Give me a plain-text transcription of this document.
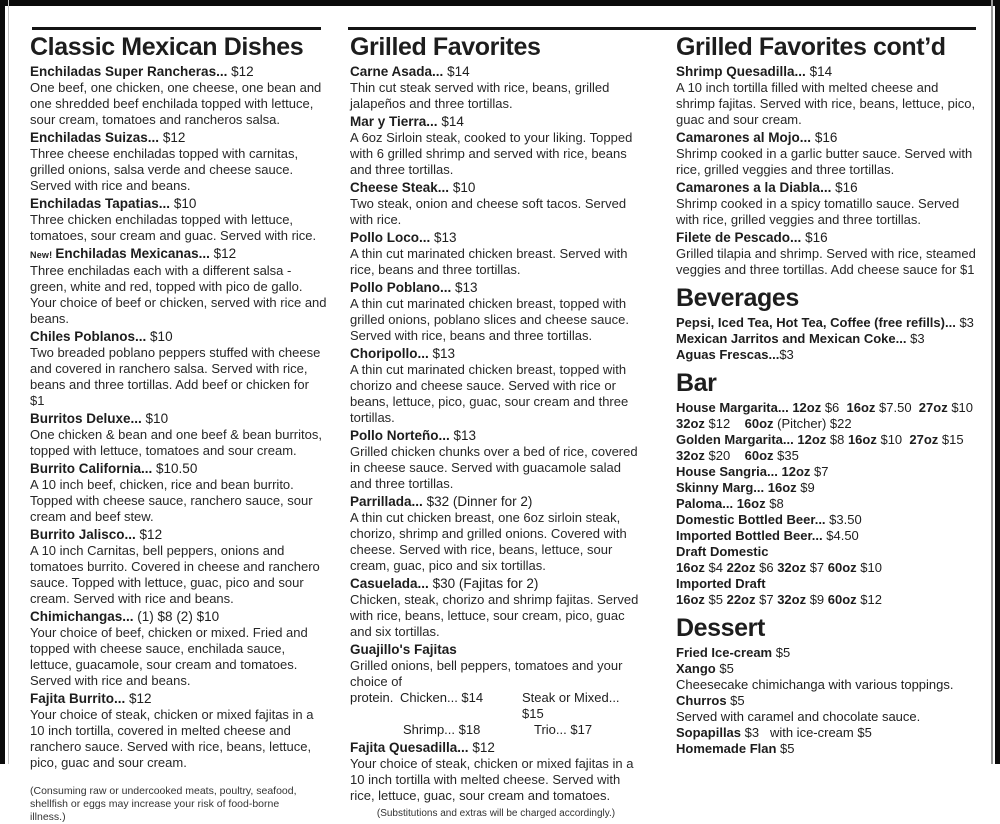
Classic Mexican Dishes
Enchiladas Super Rancheras... $12
One beef, one chicken, one cheese, one bean and one shredded beef enchilada topped with lettuce, sour cream, tomatoes and rancheros salsa.
Enchiladas Suizas... $12
Three cheese enchiladas topped with carnitas, grilled onions, salsa verde and cheese sauce. Served with rice and beans.
Enchiladas Tapatias... $10
Three chicken enchiladas topped with lettuce, tomatoes, sour cream and guac. Served with rice.
New! Enchiladas Mexicanas... $12
Three enchiladas each with a different salsa - green, white and red, topped with pico de gallo. Your choice of beef or chicken, served with rice and beans.
Chiles Poblanos... $10
Two breaded poblano peppers stuffed with cheese and covered in ranchero salsa. Served with rice, beans and three tortillas. Add beef or chicken for $1
Burritos Deluxe... $10
One chicken & bean and one beef & bean burritos, topped with lettuce, tomatoes and sour cream.
Burrito California... $10.50
A 10 inch beef, chicken, rice and bean burrito. Topped with cheese sauce, ranchero sauce, sour cream and beef stew.
Burrito Jalisco... $12
A 10 inch Carnitas, bell peppers, onions and tomatoes burrito. Covered in cheese and ranchero sauce. Topped with lettuce, guac, pico and sour cream. Served with rice and beans.
Chimichangas... (1) $8 (2) $10
Your choice of beef, chicken or mixed. Fried and topped with cheese sauce, enchilada sauce, lettuce, guacamole, sour cream and tomatoes. Served with rice and beans.
Fajita Burrito... $12
Your choice of steak, chicken or mixed fajitas in a 10 inch tortilla, covered in melted cheese and ranchero sauce. Served with rice, beans, lettuce, pico, guac and sour cream.
(Consuming raw or undercooked meats, poultry, seafood, shellfish or eggs may increase your risk of food-borne illness.)
Grilled Favorites
Carne Asada... $14
Thin cut steak served with rice, beans, grilled jalapeños and three tortillas.
Mar y Tierra... $14
A 6oz Sirloin steak, cooked to your liking. Topped with 6 grilled shrimp and served with rice, beans and three tortillas.
Cheese Steak... $10
Two steak, onion and cheese soft tacos. Served with rice.
Pollo Loco... $13
A thin cut marinated chicken breast. Served with rice, beans and three tortillas.
Pollo Poblano... $13
A thin cut marinated chicken breast, topped with grilled onions, poblano slices and cheese sauce. Served with rice, beans and three tortillas.
Choripollo... $13
A thin cut marinated chicken breast, topped with chorizo and cheese sauce. Served with rice or beans, lettuce, pico, guac, sour cream and three tortillas.
Pollo Norteño... $13
Grilled chicken chunks over a bed of rice, covered in cheese sauce. Served with guacamole salad and three tortillas.
Parrillada... $32 (Dinner for 2)
A thin cut chicken breast, one 6oz sirloin steak, chorizo, shrimp and grilled onions. Covered with cheese. Served with rice, beans, lettuce, sour cream, guac, pico and six tortillas.
Casuelada... $30 (Fajitas for 2)
Chicken, steak, chorizo and shrimp fajitas. Served with rice, beans, lettuce, sour cream, pico, guac and six tortillas.
Guajillo's Fajitas
Grilled onions, bell peppers, tomatoes and your choice of
protein. Chicken... $14	Steak or Mixed... $15
Shrimp... $18	Trio... $17
Fajita Quesadilla... $12
Your choice of steak, chicken or mixed fajitas in a 10 inch tortilla with melted cheese. Served with rice, lettuce, guac, sour cream and tomatoes.
(Substitutions and extras will be charged accordingly.)
Grilled Favorites cont’d
Shrimp Quesadilla... $14
A 10 inch tortilla filled with melted cheese and shrimp fajitas. Served with rice, beans, lettuce, pico, guac and sour cream.
Camarones al Mojo... $16
Shrimp cooked in a garlic butter sauce. Served with rice, grilled veggies and three tortillas.
Camarones a la Diabla... $16
Shrimp cooked in a spicy tomatillo sauce. Served with rice, grilled veggies and three tortillas.
Filete de Pescado... $16
Grilled tilapia and shrimp. Served with rice, steamed veggies and three tortillas. Add cheese sauce for $1
Beverages
Pepsi, Iced Tea, Hot Tea, Coffee (free refills)... $3
Mexican Jarritos and Mexican Coke... $3
Aguas Frescas...$3
Bar
House Margarita... 12oz $6  16oz $7.50  27oz $10
32oz $12    60oz (Pitcher) $22
Golden Margarita... 12oz $8 16oz $10  27oz $15
32oz $20    60oz $35
House Sangria... 12oz $7
Skinny Marg... 16oz $9
Paloma... 16oz $8
Domestic Bottled Beer... $3.50
Imported Bottled Beer... $4.50
Draft Domestic
16oz $4 22oz $6 32oz $7 60oz $10
Imported Draft
16oz $5 22oz $7 32oz $9 60oz $12
Dessert
Fried Ice-cream $5
Xango $5
Cheesecake chimichanga with various toppings.
Churros $5
Served with caramel and chocolate sauce.
Sopapillas $3   with ice-cream $5
Homemade Flan $5
